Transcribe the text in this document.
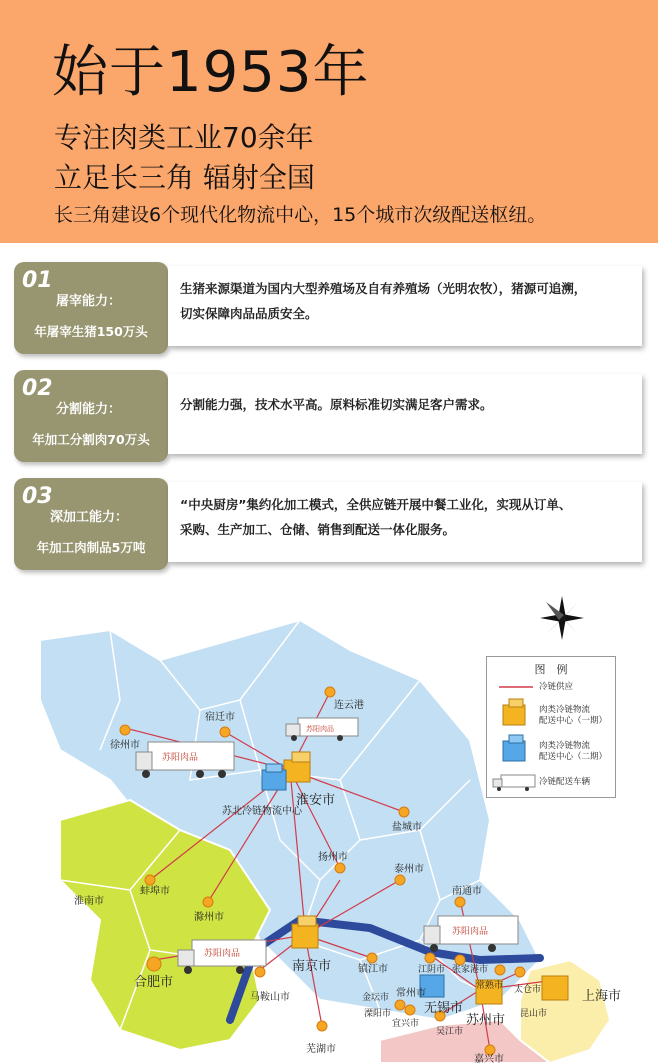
始于1953年
专注肉类工业70余年
立足长三角 辐射全国
长三角建设6个现代化物流中心，15个城市次级配送枢纽。
01
屠宰能力：
年屠宰生猪150万头

生猪来源渠道为国内大型养殖场及自有养殖场（光明农牧），猪源可追溯，

切实保障肉品品质安全。

02
分割能力：
年加工分割肉70万头

分割能力强，技术水平高。原料标准切实满足客户需求。

03
深加工能力：
年加工肉制品5万吨

“中央厨房”集约化加工模式，全供应链开展中餐工业化，实现从订单、

采购、生产加工、仓储、销售到配送一体化服务。

苏阳肉品
苏阳肉品
苏阳肉品
苏阳肉品
连云港
宿迁市
徐州市
淮安市
苏北冷链物流中心
盐城市
扬州市
泰州市
南通市
淮南市
蚌埠市
滁州市
合肥市
南京市	镇江市	江阴市 张家港市
常熟市 太仓市	上海市
马鞍山市	金坛市 常州市
无锡市
苏州市 昆山市
溧阳市
宜兴市
吴江市
芜湖市
嘉兴市
图　例
冷链供应
肉类冷链物流
配送中心（一期）
肉类冷链物流
配送中心（二期）
冷链配送车辆
